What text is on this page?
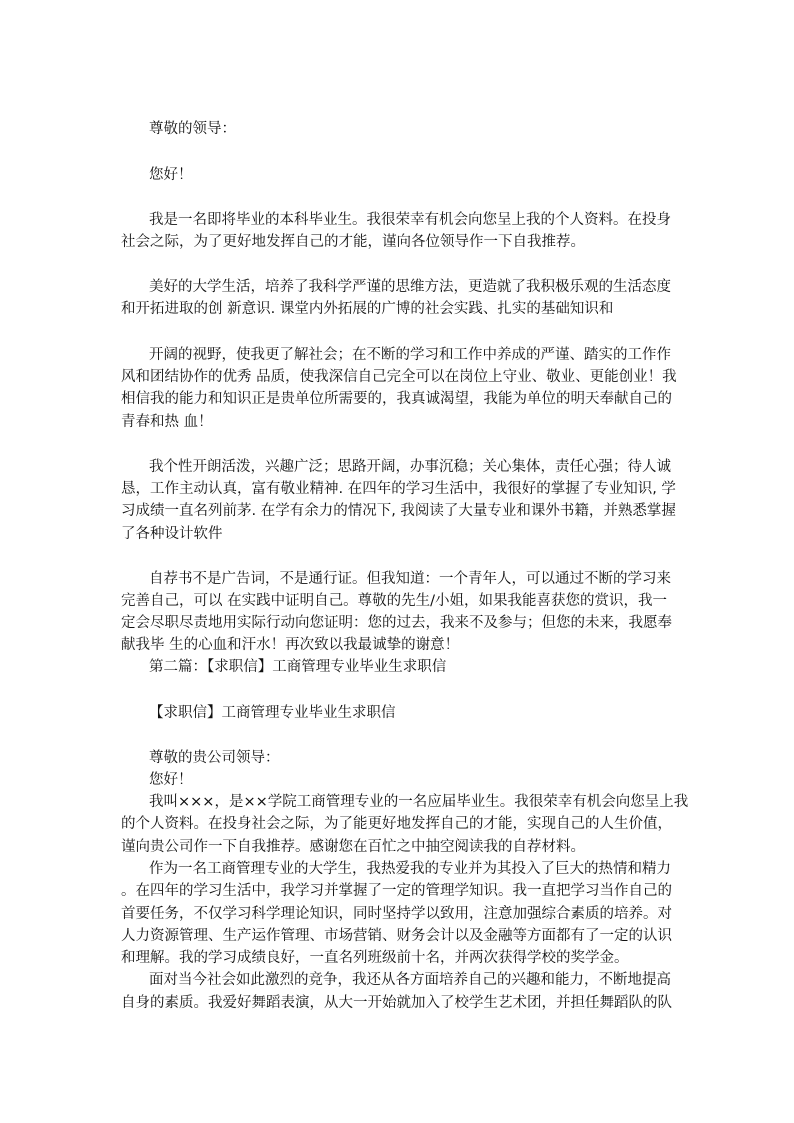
尊敬的领导：
您好！
我是一名即将毕业的本科毕业生。我很荣幸有机会向您呈上我的个人资料。在投身
社会之际，为了更好地发挥自己的才能，谨向各位领导作一下自我推荐。
美好的大学生活，培养了我科学严谨的思维方法，更造就了我积极乐观的生活态度
和开拓进取的创 新意识. 课堂内外拓展的广博的社会实践、扎实的基础知识和
开阔的视野，使我更了解社会；在不断的学习和工作中养成的严谨、踏实的工作作
风和团结协作的优秀 品质，使我深信自己完全可以在岗位上守业、敬业、更能创业！我
相信我的能力和知识正是贵单位所需要的，我真诚渴望，我能为单位的明天奉献自己的
青春和热 血！
我个性开朗活泼，兴趣广泛；思路开阔，办事沉稳；关心集体，责任心强；待人诚
恳，工作主动认真，富有敬业精神. 在四年的学习生活中，我很好的掌握了专业知识, 学
习成绩一直名列前茅. 在学有余力的情况下, 我阅读了大量专业和课外书籍，并熟悉掌握
了各种设计软件
自荐书不是广告词，不是通行证。但我知道：一个青年人，可以通过不断的学习来
完善自己，可以 在实践中证明自己。尊敬的先生/小姐，如果我能喜获您的赏识，我一
定会尽职尽责地用实际行动向您证明：您的过去，我来不及参与；但您的未来，我愿奉
献我毕 生的心血和汗水！再次致以我最诚挚的谢意！
第二篇：【求职信】工商管理专业毕业生求职信
【求职信】工商管理专业毕业生求职信
尊敬的贵公司领导：
您好！
我叫×××，是××学院工商管理专业的一名应届毕业生。我很荣幸有机会向您呈上我
的个人资料。在投身社会之际，为了能更好地发挥自己的才能，实现自己的人生价值，
谨向贵公司作一下自我推荐。感谢您在百忙之中抽空阅读我的自荐材料。
作为一名工商管理专业的大学生，我热爱我的专业并为其投入了巨大的热情和精力
。在四年的学习生活中，我学习并掌握了一定的管理学知识。我一直把学习当作自己的
首要任务，不仅学习科学理论知识，同时坚持学以致用，注意加强综合素质的培养。对
人力资源管理、生产运作管理、市场营销、财务会计以及金融等方面都有了一定的认识
和理解。我的学习成绩良好，一直名列班级前十名，并两次获得学校的奖学金。
面对当今社会如此激烈的竞争，我还从各方面培养自己的兴趣和能力，不断地提高
自身的素质。我爱好舞蹈表演，从大一开始就加入了校学生艺术团，并担任舞蹈队的队
